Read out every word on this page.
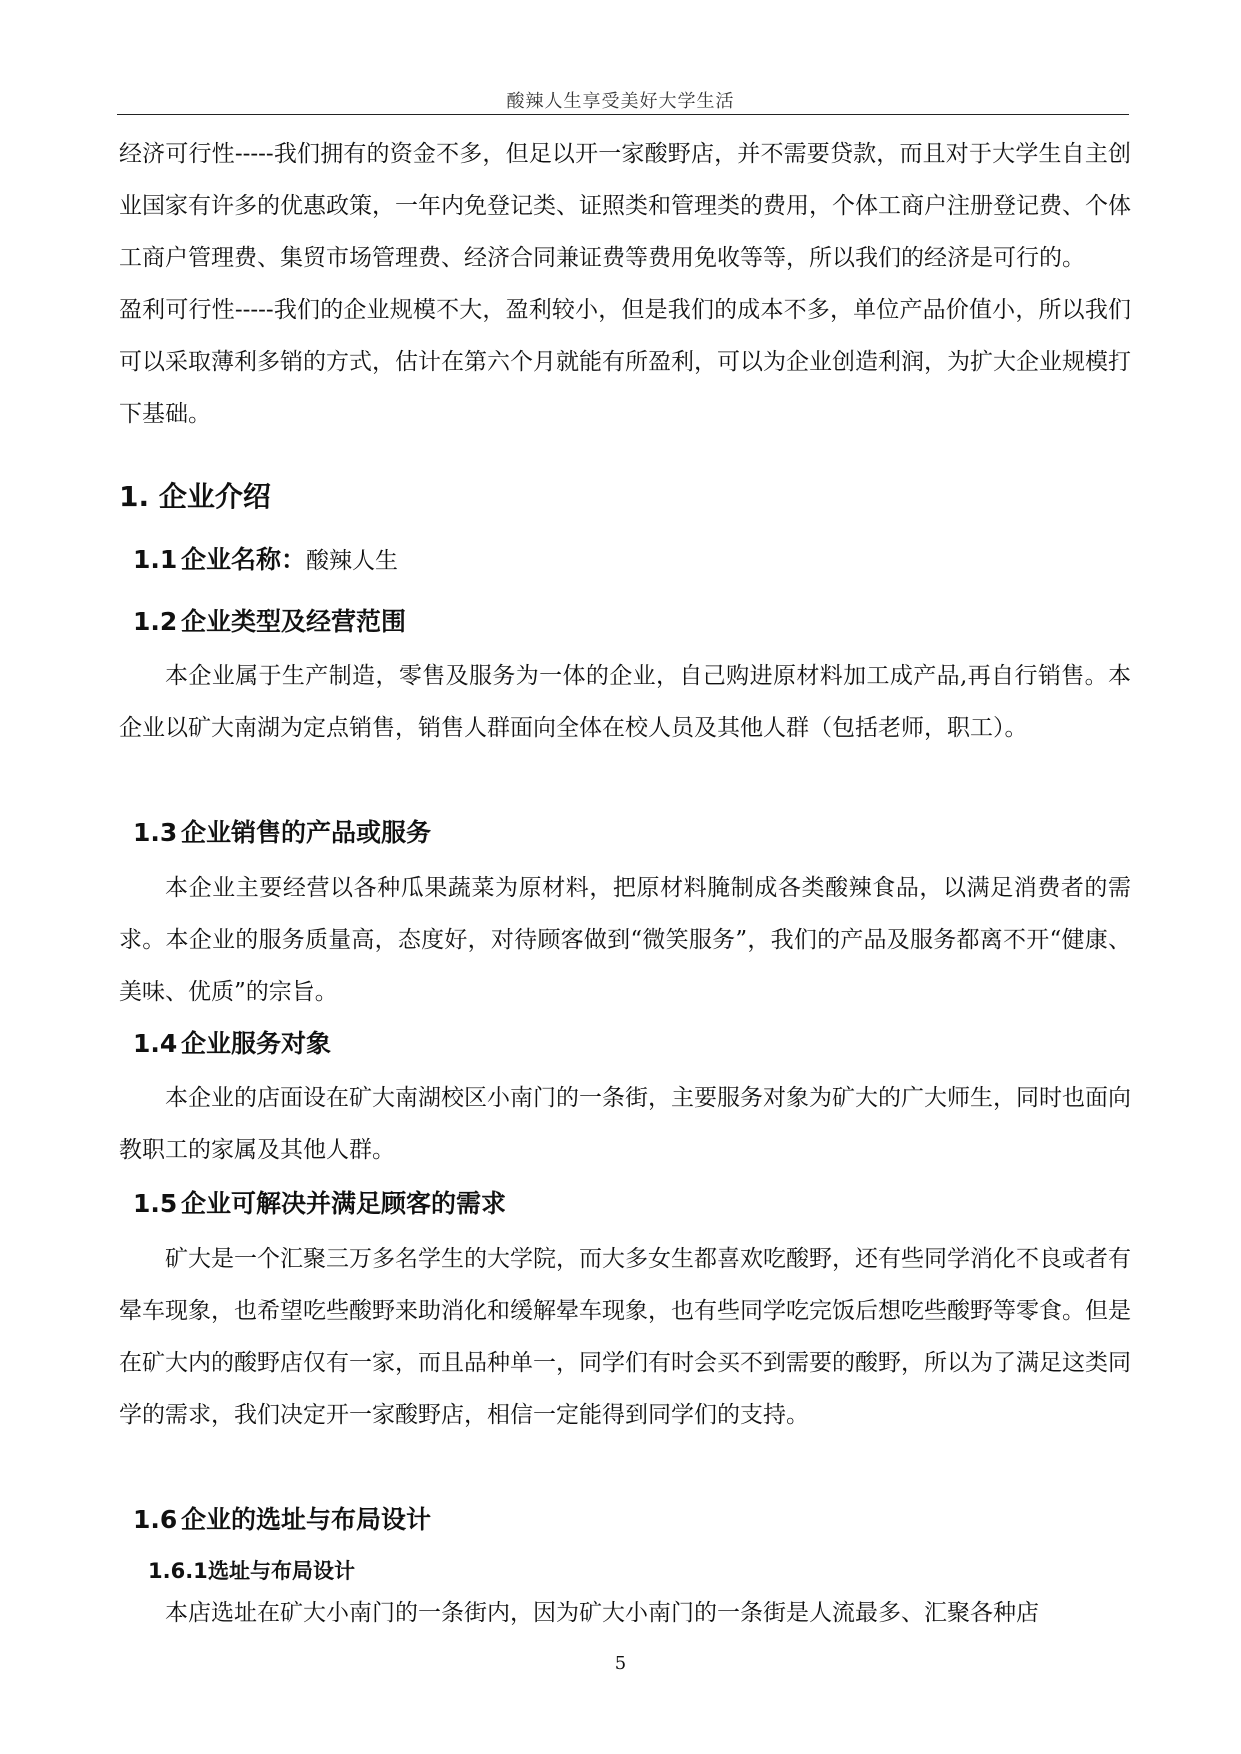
酸辣人生享受美好大学生活

经济可行性-----我们拥有的资金不多，但足以开一家酸野店，并不需要贷款，而且对于大学生自主创业国家有许多的优惠政策，一年内免登记类、证照类和管理类的费用，个体工商户注册登记费、个体工商户管理费、集贸市场管理费、经济合同兼证费等费用免收等等，所以我们的经济是可行的。

盈利可行性-----我们的企业规模不大，盈利较小，但是我们的成本不多，单位产品价值小，所以我们可以采取薄利多销的方式，估计在第六个月就能有所盈利，可以为企业创造利润，为扩大企业规模打下基础。

1. 企业介绍
1.1 企业名称：酸辣人生
1.2 企业类型及经营范围

本企业属于生产制造，零售及服务为一体的企业，自己购进原材料加工成产品,再自行销售。本企业以矿大南湖为定点销售，销售人群面向全体在校人员及其他人群（包括老师，职工）。

1.3 企业销售的产品或服务

本企业主要经营以各种瓜果蔬菜为原材料，把原材料腌制成各类酸辣食品，以满足消费者的需求。本企业的服务质量高，态度好，对待顾客做到“微笑服务”，我们的产品及服务都离不开“健康、美味、优质”的宗旨。

1.4 企业服务对象

本企业的店面设在矿大南湖校区小南门的一条街，主要服务对象为矿大的广大师生，同时也面向教职工的家属及其他人群。

1.5 企业可解决并满足顾客的需求

矿大是一个汇聚三万多名学生的大学院，而大多女生都喜欢吃酸野，还有些同学消化不良或者有晕车现象，也希望吃些酸野来助消化和缓解晕车现象，也有些同学吃完饭后想吃些酸野等零食。但是在矿大内的酸野店仅有一家，而且品种单一，同学们有时会买不到需要的酸野，所以为了满足这类同学的需求，我们决定开一家酸野店，相信一定能得到同学们的支持。

1.6 企业的选址与布局设计
1.6.1选址与布局设计

本店选址在矿大小南门的一条街内，因为矿大小南门的一条街是人流最多、汇聚各种店

5
